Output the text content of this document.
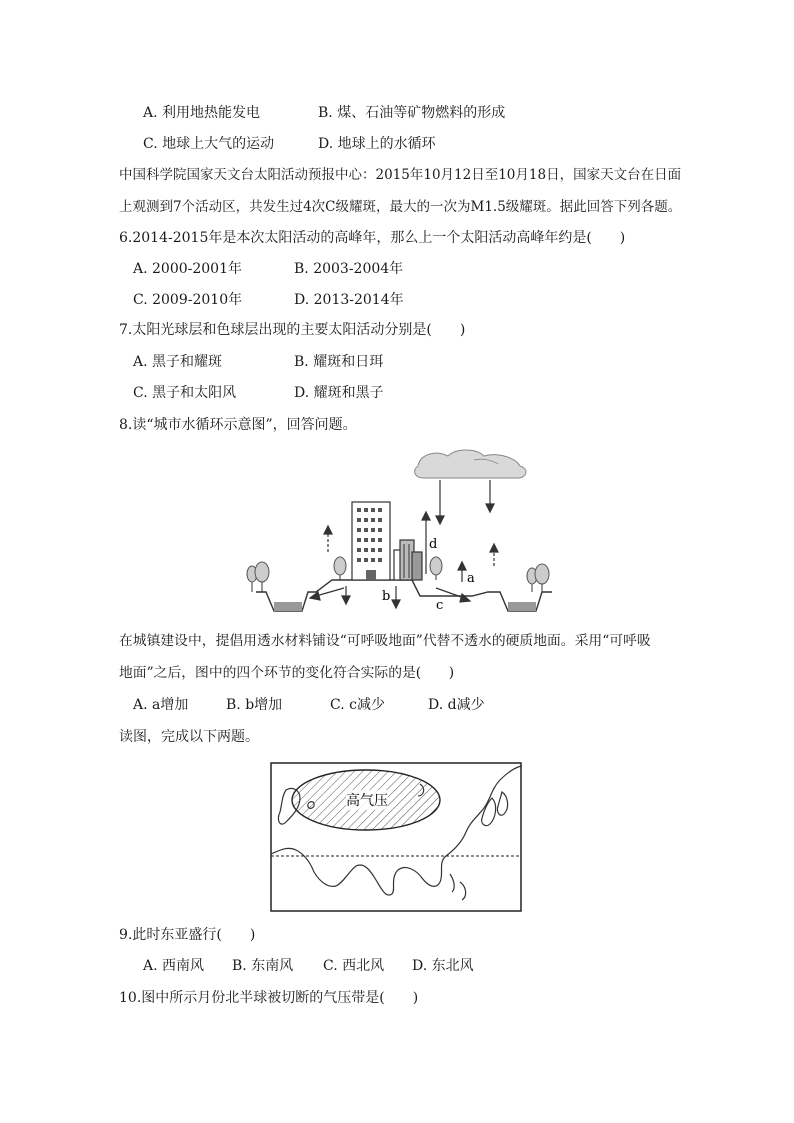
A. 利用地热能发电	B. 煤、石油等矿物燃料的形成
C. 地球上大气的运动	D. 地球上的水循环
中国科学院国家天文台太阳活动预报中心：2015年10月12日至10月18日，国家天文台在日面
上观测到7个活动区，共发生过4次C级耀斑，最大的一次为M1.5级耀斑。据此回答下列各题。
6.2014-2015年是本次太阳活动的高峰年，那么上一个太阳活动高峰年约是(　　)
A. 2000-2001年	B. 2003-2004年
C. 2009-2010年	D. 2013-2014年
7.太阳光球层和色球层出现的主要太阳活动分别是(　　)
A. 黑子和耀斑	B. 耀斑和日珥
C. 黑子和太阳风	D. 耀斑和黑子
8.读“城市水循环示意图”，回答问题。
a
b
c
d
在城镇建设中，提倡用透水材料铺设“可呼吸地面”代替不透水的硬质地面。采用“可呼吸
地面”之后，图中的四个环节的变化符合实际的是(　　)
A. a增加	B. b增加	C. c减少	D. d减少
读图，完成以下两题。
高气压
9.此时东亚盛行(　　)
A. 西南风 B. 东南风 C. 西北风 D. 东北风
10.图中所示月份北半球被切断的气压带是(　　)
